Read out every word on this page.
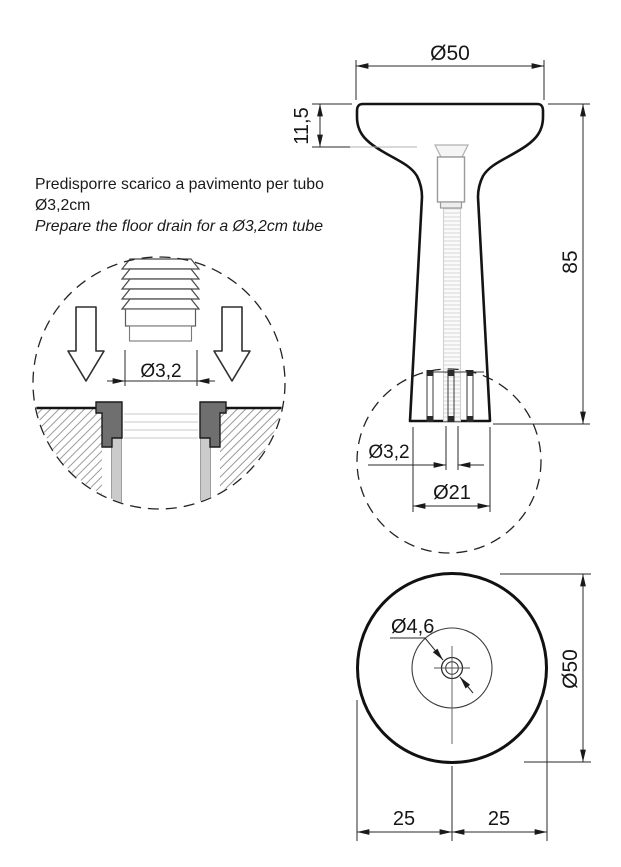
Ø50
11,5
85
Ø3,2
Ø21
Ø4,6
Ø50
25	25
Ø3,2
Predisporre scarico a pavimento per tubo Ø3,2cm
Prepare the floor drain for a Ø3,2cm tube
